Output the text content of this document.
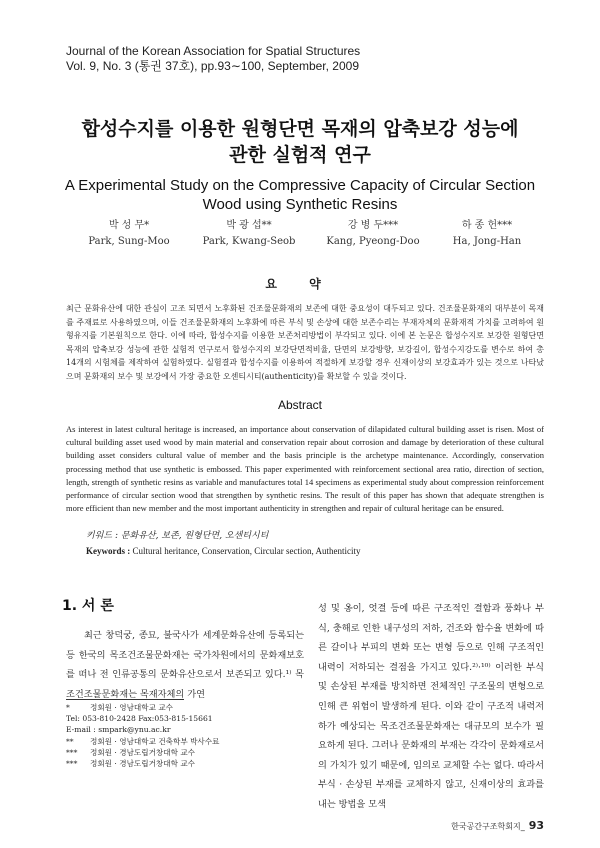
Journal of the Korean Association for Spatial Structures
Vol. 9, No. 3 (통권 37호), pp.93∼100, September, 2009
합성수지를 이용한 원형단면 목재의 압축보강 성능에
관한 실험적 연구
A Experimental Study on the Compressive Capacity of Circular Section
Wood using Synthetic Resins
박 성 무*
Park, Sung-Moo
박 광 섭**
Park, Kwang-Seob
강 병 두***
Kang, Pyeong-Doo
하 종 헌***
Ha, Jong-Han
요 약
최근 문화유산에 대한 관심이 고조 되면서 노후화된 건조물문화재의 보존에 대한 중요성이 대두되고 있다. 건조물문화재의 대부분이 목재를 주재료로 사용하였으며, 이들 건조물문화재의 노후화에 따른 부식 및 손상에 대한 보존수리는 부재자체의 문화재적 가치를 고려하여 원형유지를 기본원칙으로 한다. 이에 따라, 합성수지를 이용한 보존처리방법이 부각되고 있다. 이에 본 논문은 합성수지로 보강한 원형단면 목재의 압축보강 성능에 관한 실험적 연구로서 합성수지의 보강단면적비율, 단면의 보강방향, 보강길이, 합성수지강도를 변수로 하여 총 14개의 시험체를 제작하여 실험하였다. 실험결과 합성수지를 이용하여 적절하게 보강할 경우 신재이상의 보강효과가 있는 것으로 나타났으며 문화재의 보수 및 보강에서 가장 중요한 오센티시티(authenticity)를 확보할 수 있을 것이다.
Abstract
As interest in latest cultural heritage is increased, an importance about conservation of dilapidated cultural building asset is risen. Most of cultural building asset used wood by main material and conservation repair about corrosion and damage by deterioration of these cultural building asset considers cultural value of member and the basis principle is the archetype maintenance. Accordingly, conservation processing method that use synthetic is embossed. This paper experimented with reinforcement sectional area ratio, direction of section, length, strength of synthetic resins as variable and manufactures total 14 specimens as experimental study about compression reinforcement performance of circular section wood that strengthen by synthetic resins. The result of this paper has shown that adequate strengthen is more efficient than new member and the most important authenticity in strengthen and repair of cultural heritage can be ensured.
키워드 : 문화유산, 보존, 원형단면, 오센티시티
Keywords : Cultural heritance, Conservation, Circular section, Authenticity
1. 서 론
최근 창덕궁, 종묘, 불국사가 세계문화유산에 등록되는 등 한국의 목조건조물문화재는 국가차원에서의 문화재보호를 떠나 전 인류공통의 문화유산으로서 보존되고 있다.¹⁾ 목조건조물문화재는 목재자체의 가연
성 및 옹이, 엇결 등에 따른 구조적인 결함과 풍화나 부식, 충해로 인한 내구성의 저하, 건조와 함수율 변화에 따른 갈이나 부피의 변화 또는 변형 등으로 인해 구조적인 내력이 저하되는 결점을 가지고 있다.²⁾·¹⁰⁾ 이러한 부식 및 손상된 부재를 방치하면 전체적인 구조물의 변형으로 인해 큰 위험이 발생하게 된다. 이와 같이 구조적 내력저하가 예상되는 목조건조물문화재는 대규모의 보수가 필요하게 된다. 그러나 문화재의 부재는 각각이 문화재로서의 가치가 있기 때문에, 임의로 교체할 수는 없다. 따라서 부식 · 손상된 부재를 교체하지 않고, 신재이상의 효과를 내는 방법을 모색
*	정회원 · 영남대학교 교수
Tel: 053-810-2428 Fax:053-815-15661
E-mail : smpark@ynu.ac.kr
**	정회원 · 영남대학교 건축학부 박사수료
***	정회원 · 경남도립거창대학 교수
***	정회원 · 경남도립거창대학 교수
한국공간구조학회지_ 93
